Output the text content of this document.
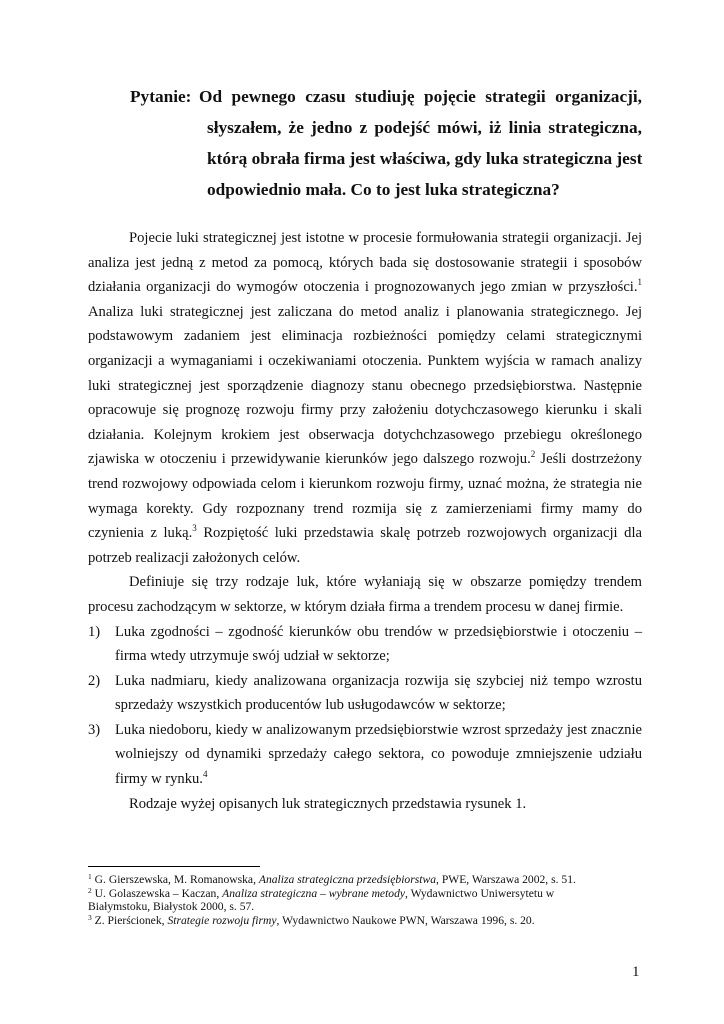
Pytanie: Od pewnego czasu studiuję pojęcie strategii organizacji,
słyszałem, że jedno z podejść mówi, iż linia strategiczna,
którą obrała firma jest właściwa, gdy luka strategiczna jest
odpowiednio mała. Co to jest luka strategiczna?
Pojecie luki strategicznej jest istotne w procesie formułowania strategii organizacji. Jej
analiza jest jedną z metod za pomocą, których bada się dostosowanie strategii i sposobów
działania organizacji do wymogów otoczenia i prognozowanych jego zmian w przyszłości.$^1$
Analiza luki strategicznej jest zaliczana do metod analiz i planowania strategicznego. Jej
podstawowym zadaniem jest eliminacja rozbieżności pomiędzy celami strategicznymi
organizacji a wymaganiami i oczekiwaniami otoczenia. Punktem wyjścia w ramach analizy
luki strategicznej jest sporządzenie diagnozy stanu obecnego przedsiębiorstwa. Następnie
opracowuje się prognozę rozwoju firmy przy założeniu dotychczasowego kierunku i skali
działania. Kolejnym krokiem jest obserwacja dotychchzasowego przebiegu określonego
zjawiska w otoczeniu i przewidywanie kierunków jego dalszego rozwoju.$^2$ Jeśli dostrzeżony
trend rozwojowy odpowiada celom i kierunkom rozwoju firmy, uznać można, że strategia nie
wymaga korekty. Gdy rozpoznany trend rozmija się z zamierzeniami firmy mamy do
czynienia z luką.$^3$ Rozpiętość luki przedstawia skalę potrzeb rozwojowych organizacji dla
potrzeb realizacji założonych celów.
Definiuje się trzy rodzaje luk, które wyłaniają się w obszarze pomiędzy trendem
procesu zachodzącym w sektorze, w którym działa firma a trendem procesu w danej firmie.
1)	Luka zgodności – zgodność kierunków obu trendów w przedsiębiorstwie i otoczeniu –
firma wtedy utrzymuje swój udział w sektorze;
2)	Luka nadmiaru, kiedy analizowana organizacja rozwija się szybciej niż tempo wzrostu
sprzedaży wszystkich producentów lub usługodawców w sektorze;
3)	Luka niedoboru, kiedy w analizowanym przedsiębiorstwie wzrost sprzedaży jest znacznie
wolniejszy od dynamiki sprzedaży całego sektora, co powoduje zmniejszenie udziału
firmy w rynku.$^4$
Rodzaje wyżej opisanych luk strategicznych przedstawia rysunek 1.
$^1$ G. Gierszewska, M. Romanowska, Analiza strategiczna przedsiębiorstwa, PWE, Warszawa 2002, s. 51.
$^2$ U. Golaszewska – Kaczan, Analiza strategiczna – wybrane metody, Wydawnictwo Uniwersytetu w
Białymstoku, Białystok 2000, s. 57.
$^3$ Z. Pierścionek, Strategie rozwoju firmy, Wydawnictwo Naukowe PWN, Warszawa 1996, s. 20.
1
